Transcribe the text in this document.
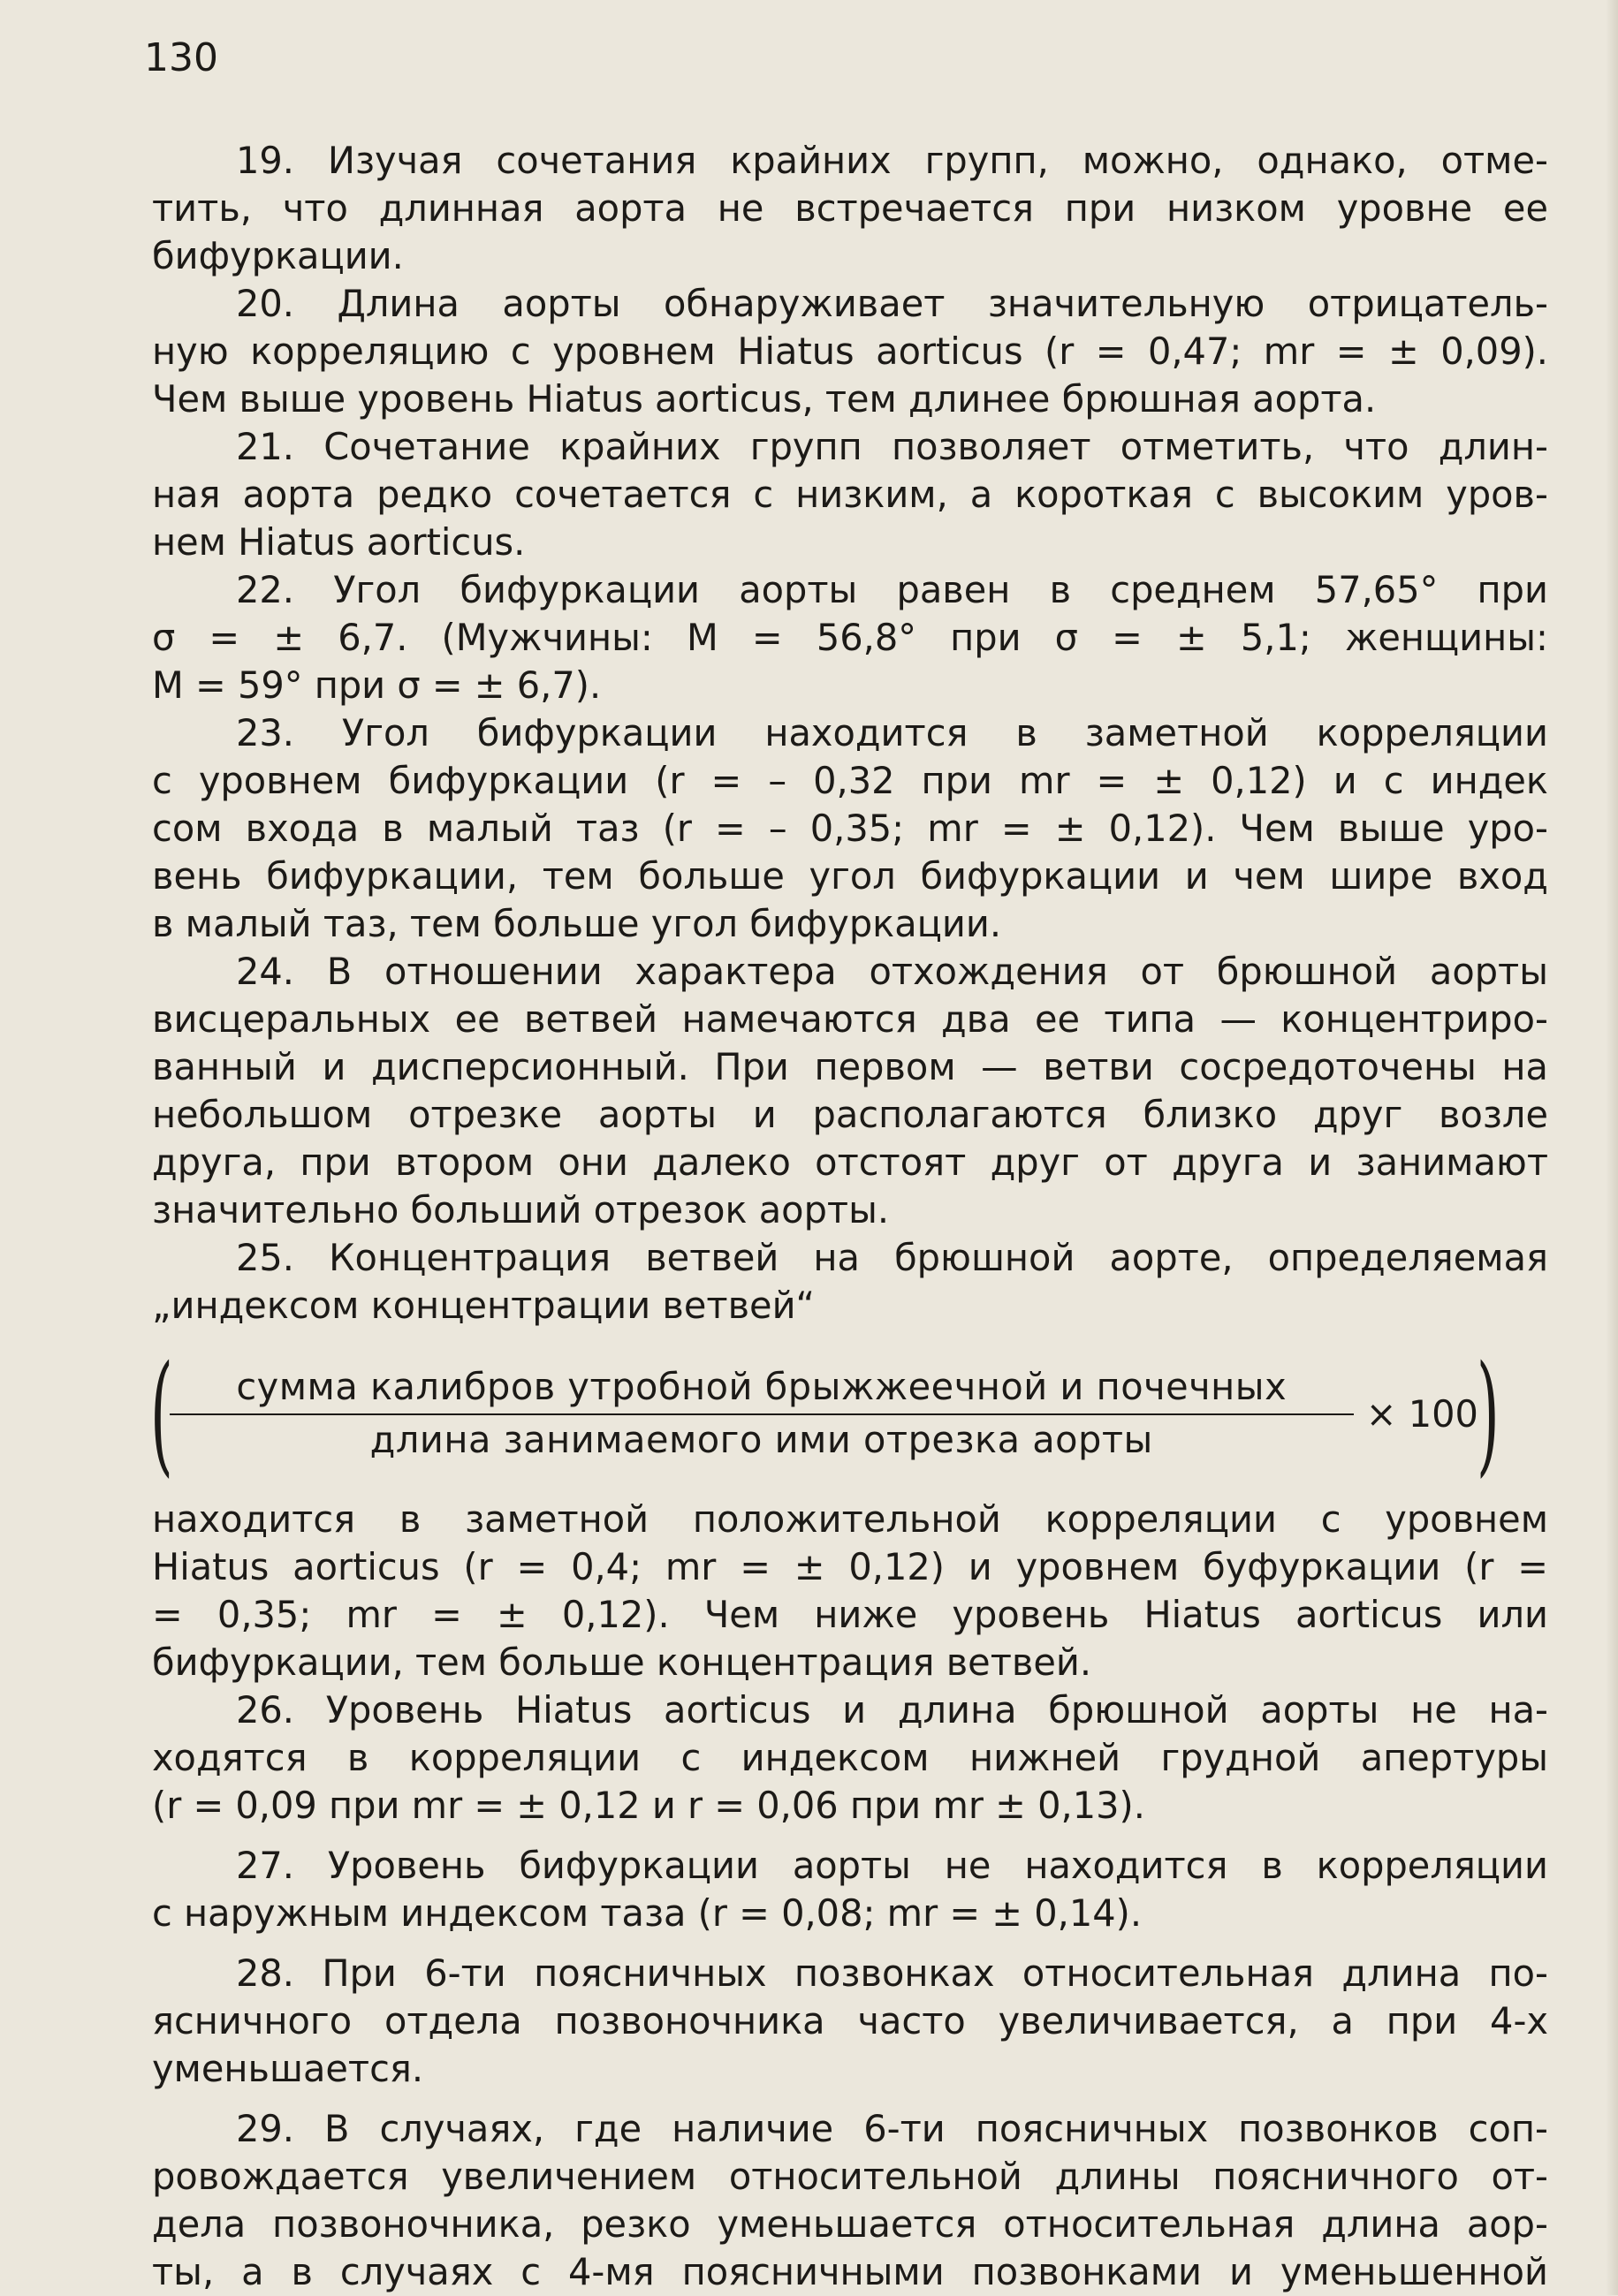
130

19. Изучая сочетания крайних групп, можно, однако, отме-

тить, что длинная аорта не встречается при низком уровне ее

бифуркации.

20. Длина аорты обнаруживает значительную отрицатель-

ную корреляцию с уровнем Hiatus aorticus (r = 0,47; mr = ± 0,09).

Чем выше уровень Hiatus aorticus, тем длинее брюшная аорта.

21. Сочетание крайних групп позволяет отметить, что длин-

ная аорта редко сочетается с низким, а короткая с высоким уров-

нем Hiatus aorticus.

22. Угол бифуркации аорты равен в среднем 57,65° при

σ = ± 6,7. (Мужчины: M = 56,8° при σ = ± 5,1; женщины:

M = 59° при σ = ± 6,7).

23. Угол бифуркации находится в заметной корреляции

с уровнем бифуркации (r = – 0,32 при mr = ± 0,12) и с индек

сом входа в малый таз (r = – 0,35; mr = ± 0,12). Чем выше уро-

вень бифуркации, тем больше угол бифуркации и чем шире вход

в малый таз, тем больше угол бифуркации.

24. В отношении характера отхождения от брюшной аорты

висцеральных ее ветвей намечаются два ее типа — концентриро-

ванный и дисперсионный. При первом — ветви сосредоточены на

небольшом отрезке аорты и располагаются близко друг возле

друга, при втором они далеко отстоят друг от друга и занимают

значительно больший отрезок аорты.

25. Концентрация ветвей на брюшной аорте, определяемая

„индексом концентрации ветвей“

(
$\frac{\text{сумма калибров утробной брыжжеечной и почечных}}{\text{длина занимаемого ими отрезка аорты}} \times 100$
)

находится в заметной положительной корреляции с уровнем

Hiatus aorticus (r = 0,4; mr = ± 0,12) и уровнем буфуркации (r =

= 0,35; mr = ± 0,12). Чем ниже уровень Hiatus aorticus или

бифуркации, тем больше концентрация ветвей.

26. Уровень Hiatus aorticus и длина брюшной аорты не на-

ходятся в корреляции с индексом нижней грудной апертуры

(r = 0,09 при mr = ± 0,12 и r = 0,06 при mr ± 0,13).

27. Уровень бифуркации аорты не находится в корреляции

с наружным индексом таза (r = 0,08; mr = ± 0,14).

28. При 6-ти поясничных позвонках относительная длина по-

ясничного отдела позвоночника часто увеличивается, а при 4-х

уменьшается.

29. В случаях, где наличие 6-ти поясничных позвонков соп-

ровождается увеличением относительной длины поясничного от-

дела позвоночника, резко уменьшается относительная длина аор-

ты, а в случаях с 4-мя поясничными позвонками и уменьшенной
